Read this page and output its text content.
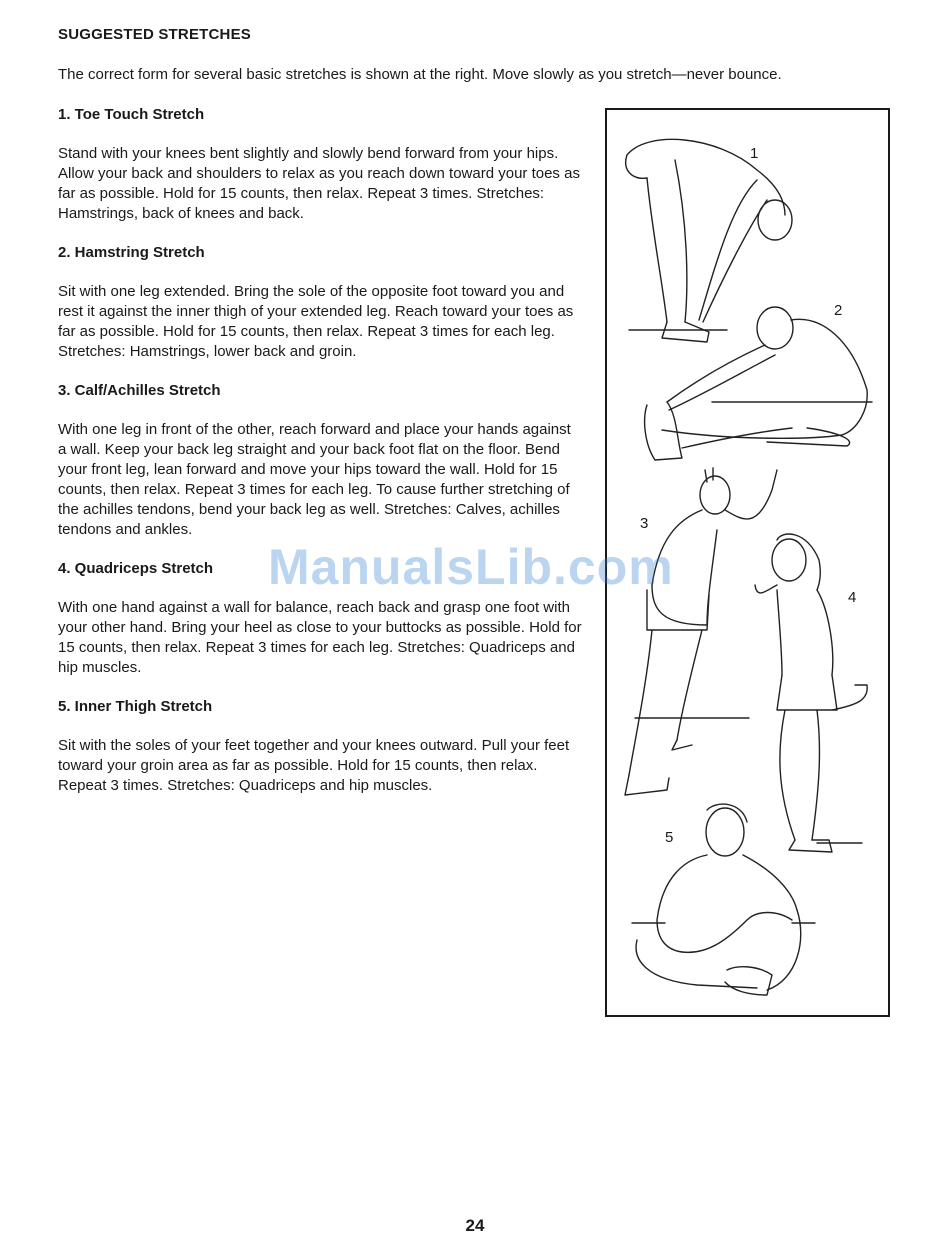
SUGGESTED STRETCHES
The correct form for several basic stretches is shown at the right. Move slowly as you stretch—never bounce.
1. Toe Touch Stretch
Stand with your knees bent slightly and slowly bend forward from your hips. Allow your back and shoulders to relax as you reach down toward your toes as far as possible. Hold for 15 counts, then relax. Repeat 3 times. Stretches: Hamstrings, back of knees and back.
2. Hamstring Stretch
Sit with one leg extended. Bring the sole of the opposite foot toward you and rest it against the inner thigh of your extended leg. Reach toward your toes as far as possible. Hold for 15 counts, then relax. Repeat 3 times for each leg. Stretches: Hamstrings, lower back and groin.
3. Calf/Achilles Stretch
With one leg in front of the other, reach forward and place your hands against a wall. Keep your back leg straight and your back foot flat on the floor. Bend your front leg, lean forward and move your hips toward the wall. Hold for 15 counts, then relax. Repeat 3 times for each leg. To cause further stretching of the achilles tendons, bend your back leg as well. Stretches: Calves, achilles tendons and ankles.
4. Quadriceps Stretch
With one hand against a wall for balance, reach back and grasp one foot with your other hand. Bring your heel as close to your buttocks as possible. Hold for 15 counts, then relax. Repeat 3 times for each leg. Stretches: Quadriceps and hip muscles.
5. Inner Thigh Stretch
Sit with the soles of your feet together and your knees outward. Pull your feet toward your groin area as far as possible. Hold for 15 counts, then relax. Repeat 3 times. Stretches: Quadriceps and hip muscles.
1
2
3
4
5
ManualsLib.com
24
